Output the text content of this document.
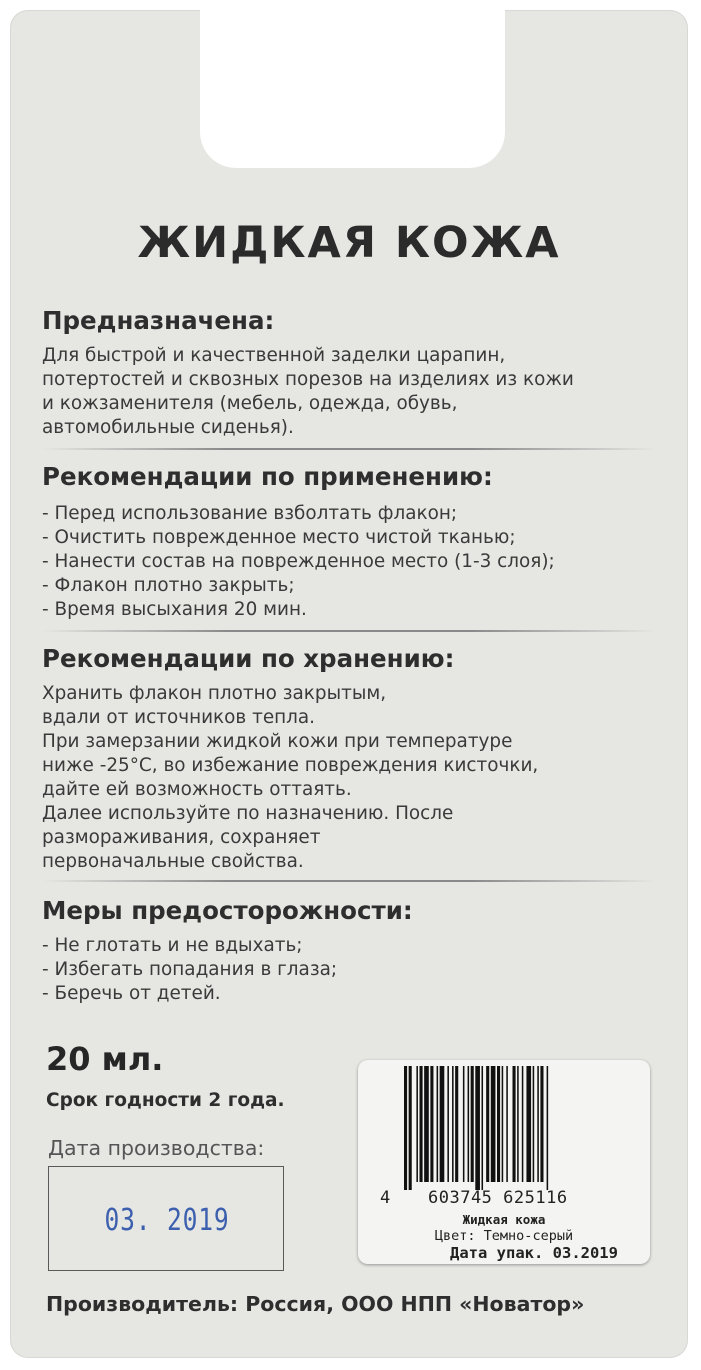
ЖИДКАЯ КОЖА
Предназначена:
Для быстрой и качественной заделки царапин,
потертостей и сквозных порезов на изделиях из кожи
и кожзаменителя (мебель, одежда, обувь,
автомобильные сиденья).
Рекомендации по применению:
- Перед использование взболтать флакон;
- Очистить поврежденное место чистой тканью;
- Нанести состав на поврежденное место (1-3 слоя);
- Флакон плотно закрыть;
- Время высыхания 20 мин.
Рекомендации по хранению:
Хранить флакон плотно закрытым,
вдали от источников тепла.
При замерзании жидкой кожи при температуре
ниже -25°С, во избежание повреждения кисточки,
дайте ей возможность оттаять.
Далее используйте по назначению. После
размораживания, сохраняет
первоначальные свойства.
Меры предосторожности:
- Не глотать и не вдыхать;
- Избегать попадания в глаза;
- Беречь от детей.
20 мл.
Срок годности 2 года.
Дата производства:
03. 2019
4 603745 625116
Жидкая кожа
Цвет: Темно-серый
Дата упак. 03.2019
Производитель: Россия, ООО НПП «Новатор»
